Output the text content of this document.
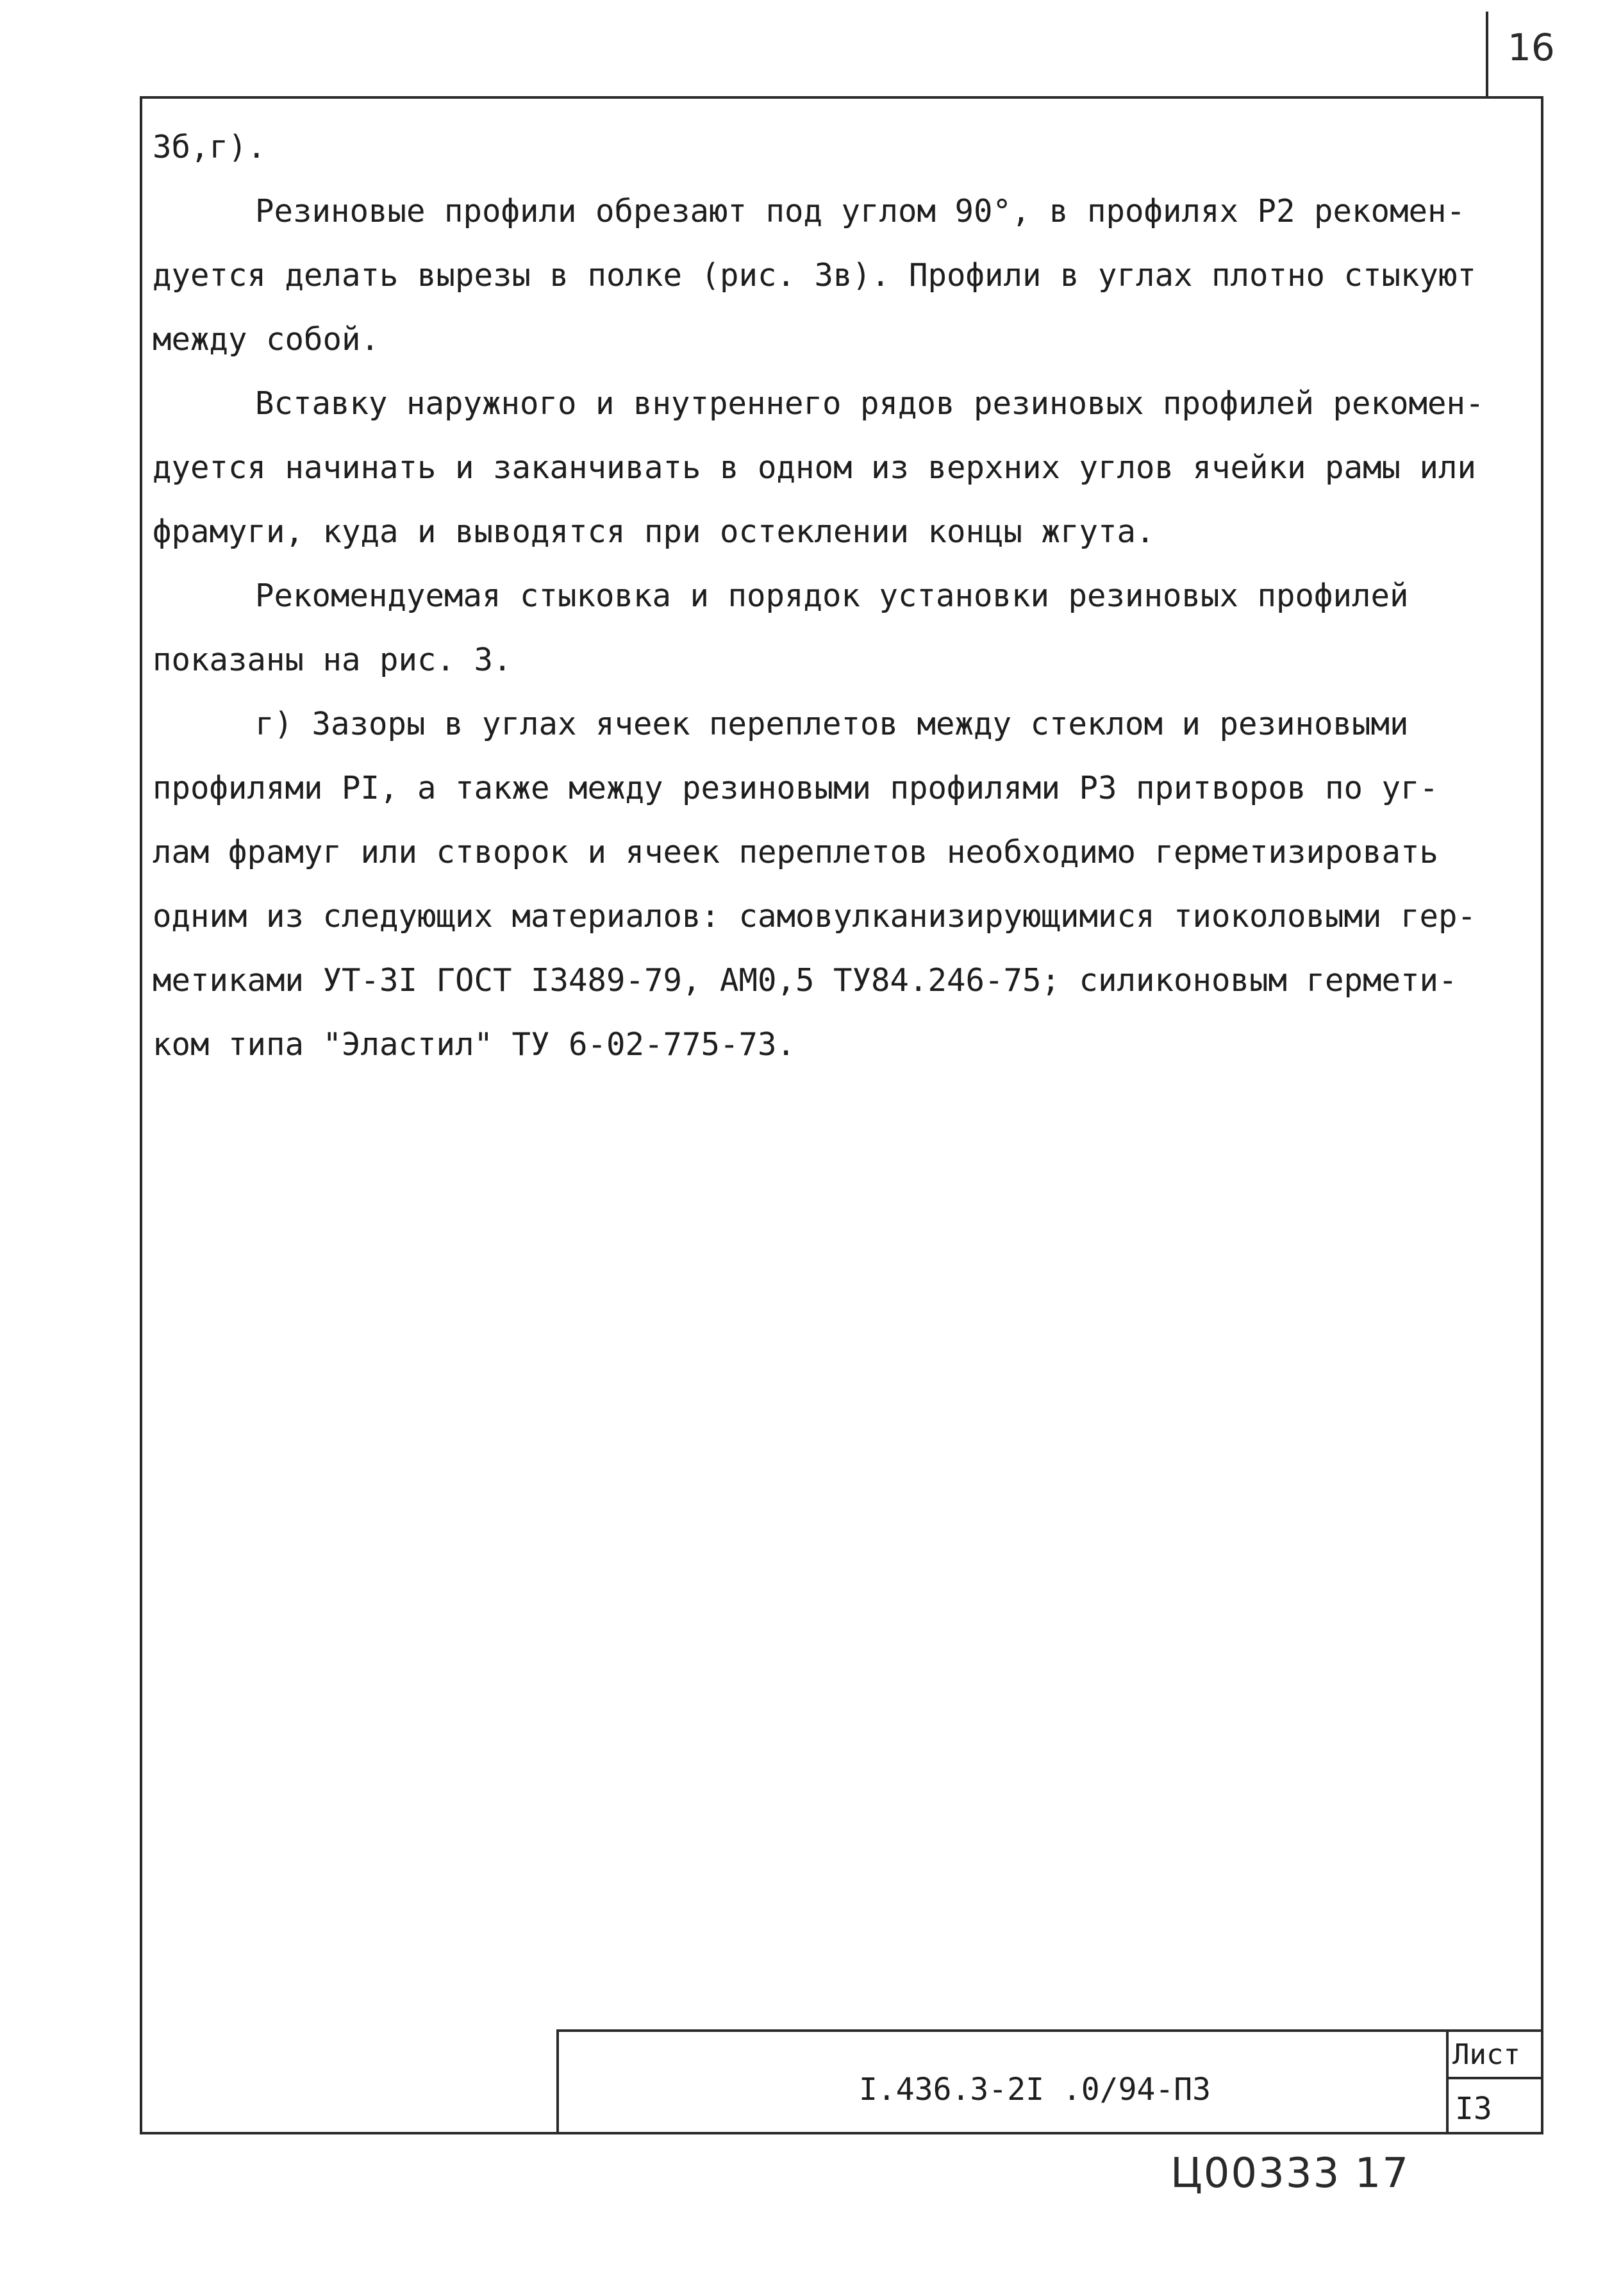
16
3б,г).
Резиновые профили обрезают под углом 90°, в профилях Р2 рекомен-
дуется делать вырезы в полке (рис. 3в). Профили в углах плотно стыкуют
между собой.
Вставку наружного и внутреннего рядов резиновых профилей рекомен-
дуется начинать и заканчивать в одном из верхних углов ячейки рамы или
фрамуги, куда и выводятся при остеклении концы жгута.
Рекомендуемая стыковка и порядок установки резиновых профилей
показаны на рис. 3.
г) Зазоры в углах ячеек переплетов между стеклом и резиновыми
профилями PI, а также между резиновыми профилями Р3 притворов по уг-
лам фрамуг или створок и ячеек переплетов необходимо герметизировать
одним из следующих материалов: самовулканизирующимися тиоколовыми гер-
метиками УТ-3I ГОСТ I3489-79, АМ0,5 ТУ84.246-75; силиконовым гермети-
ком типа "Эластил" ТУ 6-02-775-73.
I.436.3-2I .0/94-ПЗ
Лист
I3
Ц00333 17
